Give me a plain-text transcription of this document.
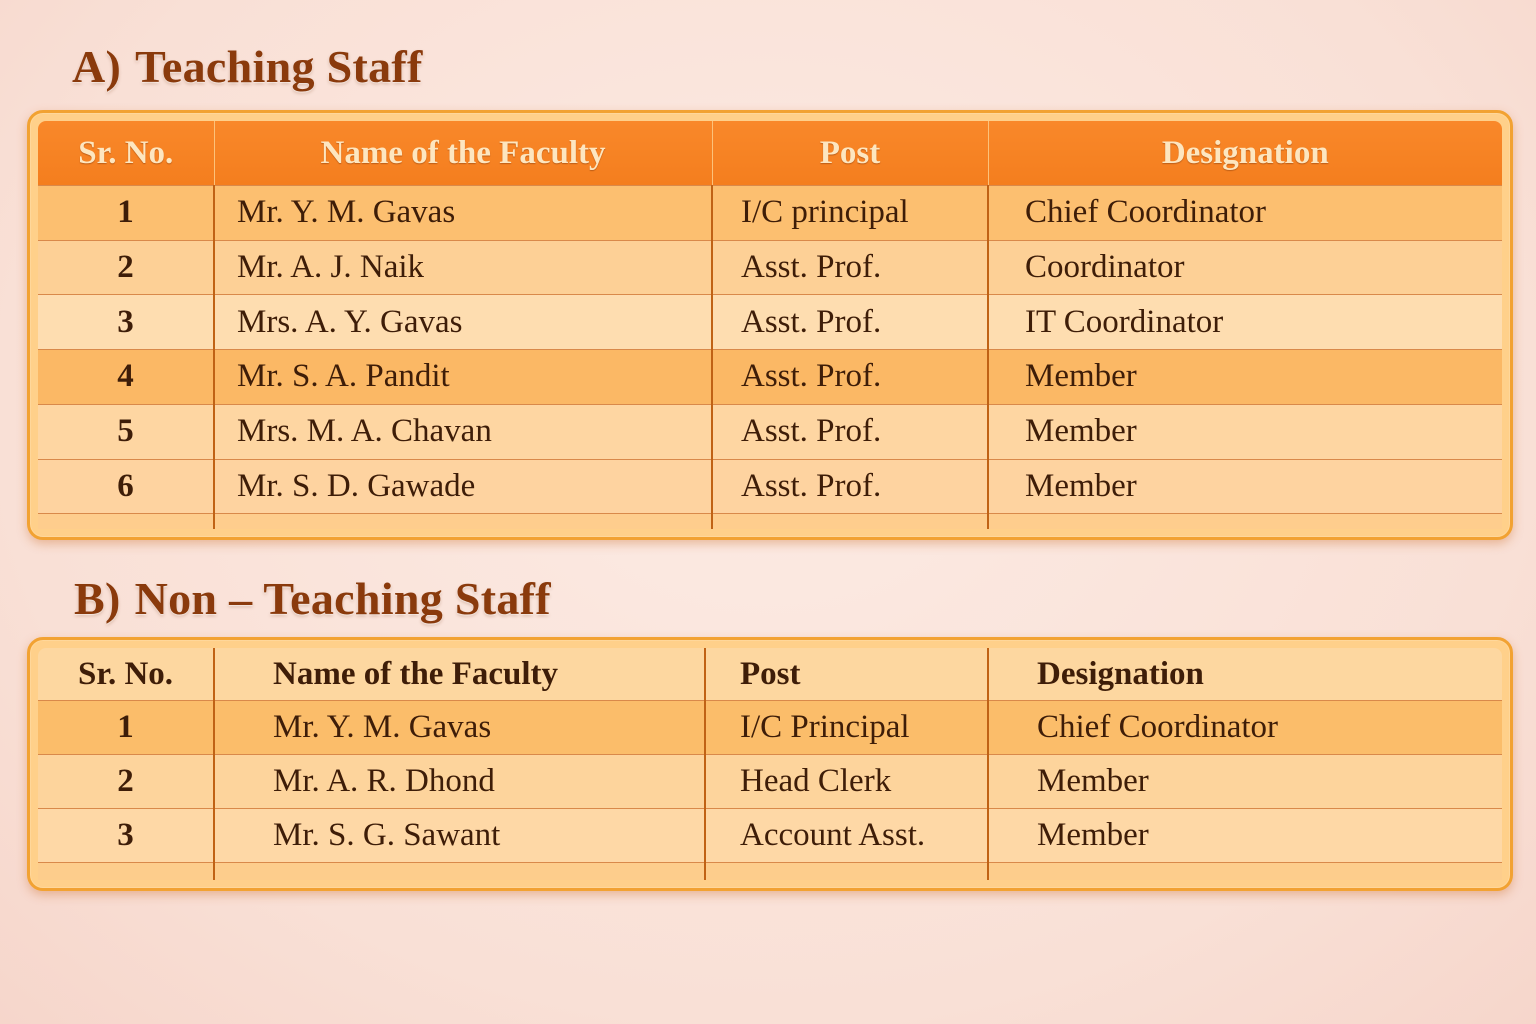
A) Teaching Staff
Sr. No.	Name of the Faculty	Post	Designation
1	Mr. Y. M. Gavas	I/C principal	Chief Coordinator
2	Mr. A. J. Naik	Asst. Prof.	Coordinator
3	Mrs. A. Y. Gavas	Asst. Prof.	IT Coordinator
4	Mr. S. A. Pandit	Asst. Prof.	Member
5	Mrs. M. A. Chavan	Asst. Prof.	Member
6	Mr. S. D. Gawade	Asst. Prof.	Member

B) Non – Teaching Staff
Sr. No.	Name of the Faculty	Post	Designation
1	Mr. Y. M. Gavas	I/C Principal	Chief Coordinator
2	Mr. A. R. Dhond	Head Clerk	Member
3	Mr. S. G. Sawant	Account Asst.	Member
